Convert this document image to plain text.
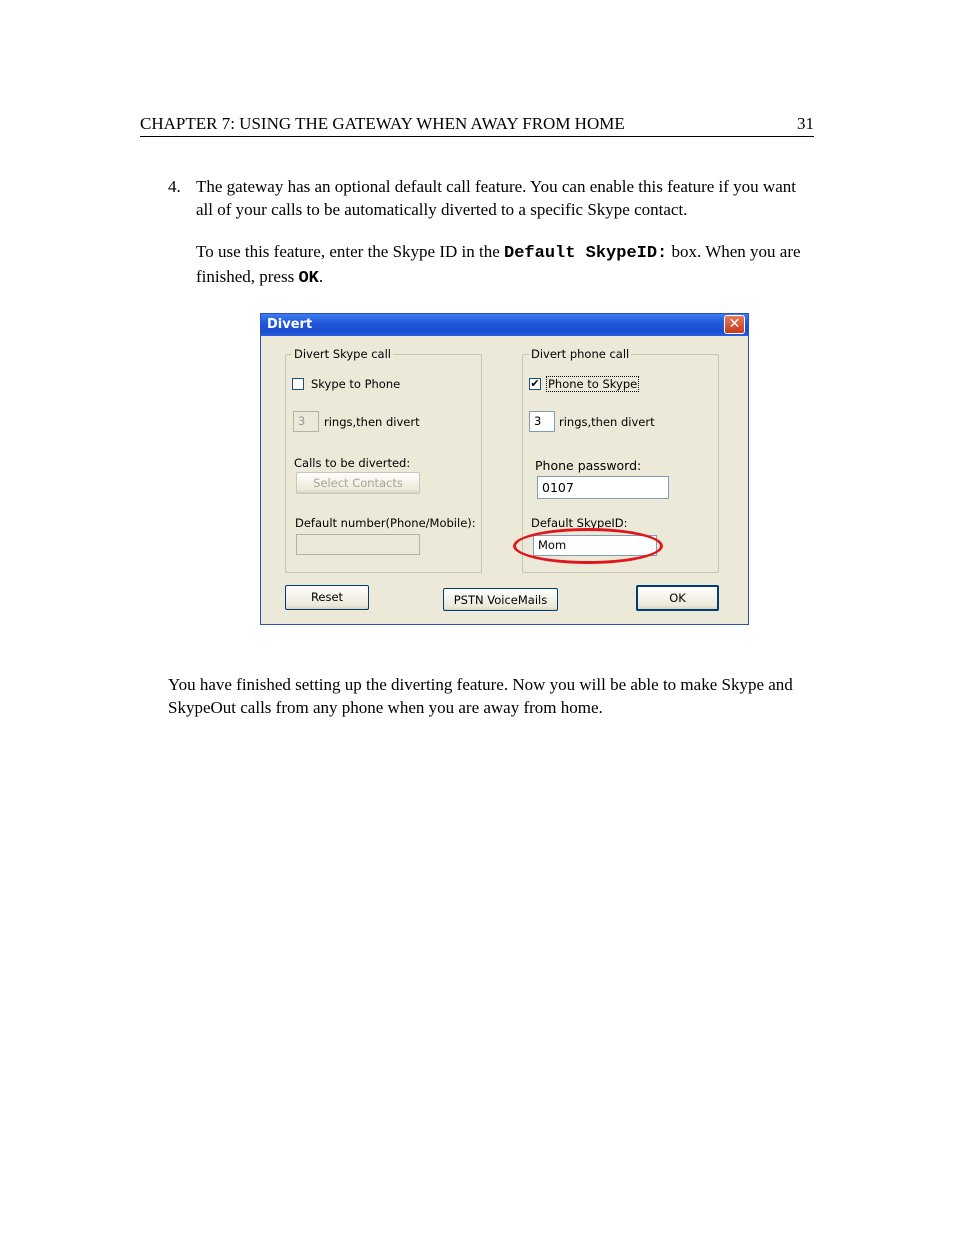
CHAPTER 7: USING THE GATEWAY WHEN AWAY FROM HOME	31
4. The gateway has an optional default call feature. You can enable this feature if you want all of your calls to be automatically diverted to a specific Skype contact.

To use this feature, enter the Skype ID in the Default SkypeID: box. When you are finished, press OK.

Divert	✕
Divert Skype call
Skype to Phone
3	rings,then divert
Calls to be diverted:
Select Contacts
Default number(Phone/Mobile):
Divert phone call
✔ Phone to Skype
3	rings,then divert
Phone password:
0107
Default SkypeID:
Mom
Reset	PSTN VoiceMails	OK

You have finished setting up the diverting feature. Now you will be able to make Skype and SkypeOut calls from any phone when you are away from home.
